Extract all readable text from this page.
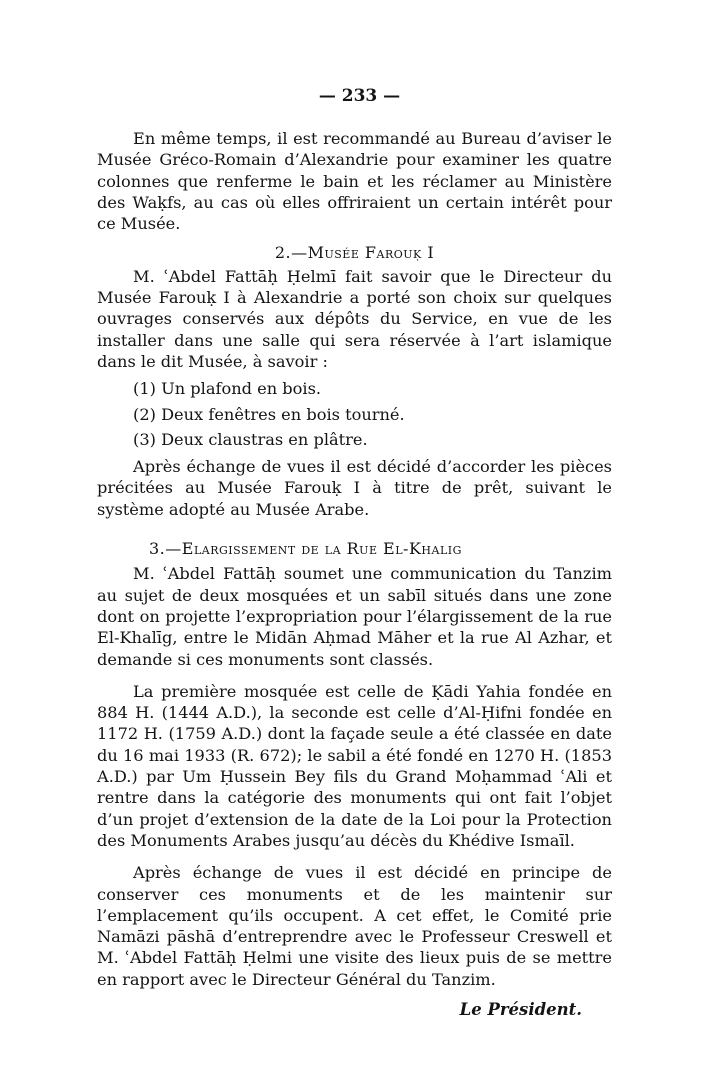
— 233 —

En même temps, il est recommandé au Bureau d’aviser le Musée Gréco-Romain d’Alexandrie pour examiner les quatre colonnes que renferme le bain et les réclamer au Ministère des Waḳfs, au cas où elles offriraient un certain intérêt pour ce Musée.

2.—Musée Farouḳ I

M. ʿAbdel Fattāḥ Ḥelmī fait savoir que le Directeur du Musée Farouḳ I à Alexandrie a porté son choix sur quelques ouvrages conservés aux dépôts du Service, en vue de les installer dans une salle qui sera réservée à l’art islamique dans le dit Musée, à savoir :

(1) Un plafond en bois.
(2) Deux fenêtres en bois tourné.
(3) Deux claustras en plâtre.

Après échange de vues il est décidé d’accorder les pièces précitées au Musée Farouḳ I à titre de prêt, suivant le système adopté au Musée Arabe.

3.—Elargissement de la Rue El-Khalig

M. ʿAbdel Fattāḥ soumet une communication du Tanzim au sujet de deux mosquées et un sabīl situés dans une zone dont on projette l’expropriation pour l’élargissement de la rue El-Khalīg, entre le Midān Aḥmad Māher et la rue Al Azhar, et demande si ces monuments sont classés.

La première mosquée est celle de Ḳādi Yahia fondée en 884 H. (1444 A.D.), la seconde est celle d’Al-Ḥifni fondée en 1172 H. (1759 A.D.) dont la façade seule a été classée en date du 16 mai 1933 (R. 672); le sabil a été fondé en 1270 H. (1853 A.D.) par Um Ḥussein Bey fils du Grand Moḥammad ʿAli et rentre dans la catégorie des monuments qui ont fait l’objet d’un projet d’extension de la date de la Loi pour la Protection des Monuments Arabes jusqu’au décès du Khédive Ismaīl.

Après échange de vues il est décidé en principe de conserver ces monuments et de les maintenir sur l’emplacement qu’ils occupent. A cet effet, le Comité prie Namāzi pāshā d’entreprendre avec le Professeur Creswell et M. ʿAbdel Fattāḥ Ḥelmi une visite des lieux puis de se mettre en rapport avec le Directeur Général du Tanzim.

Le Président.
